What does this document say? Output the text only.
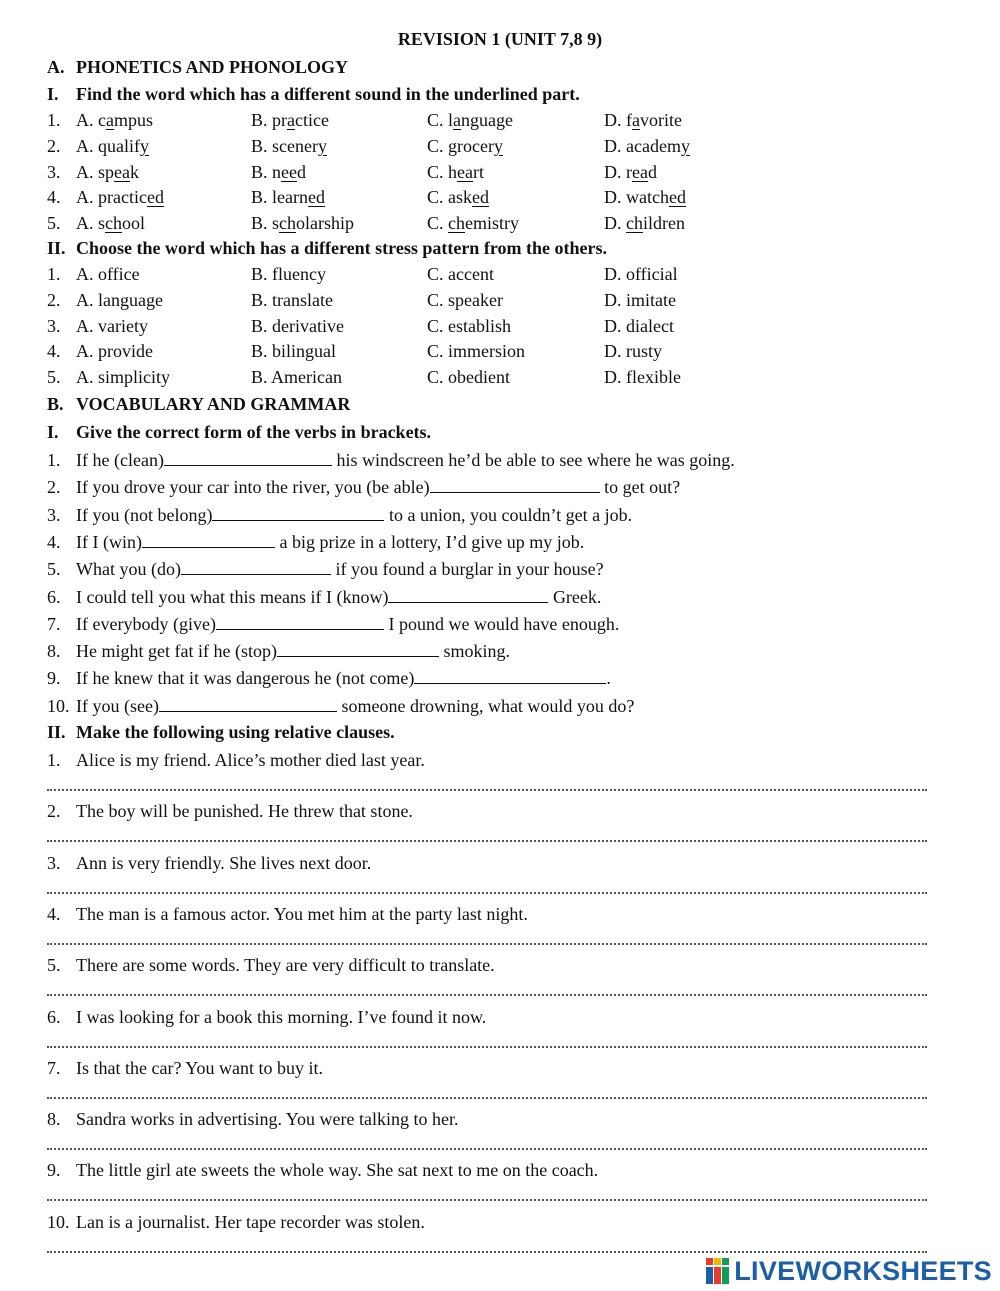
REVISION 1 (UNIT 7,8 9)
A. PHONETICS AND PHONOLOGY
I. Find the word which has a different sound in the underlined part.
1. A. campus	B. practice	C. language	D. favorite
2. A. qualify	B. scenery	C. grocery	D. academy
3. A. speak	B. need	C. heart	D. read
4. A. practiced	B. learned	C. asked	D. watched
5. A. school	B. scholarship	C. chemistry	D. children
II. Choose the word which has a different stress pattern from the others.
1. A. office	B. fluency	C. accent	D. official
2. A. language	B. translate	C. speaker	D. imitate
3. A. variety	B. derivative	C. establish	D. dialect
4. A. provide	B. bilingual	C. immersion	D. rusty
5. A. simplicity	B. American	C. obedient	D. flexible
B. VOCABULARY AND GRAMMAR
I. Give the correct form of the verbs in brackets.
1. If he (clean)	his windscreen he’d be able to see where he was going.
2. If you drove your car into the river, you (be able)	to get out?
3. If you (not belong)	to a union, you couldn’t get a job.
4. If I (win)	a big prize in a lottery, I’d give up my job.
5. What you (do)	if you found a burglar in your house?
6. I could tell you what this means if I (know)	Greek.
7. If everybody (give)	I pound we would have enough.
8. He might get fat if he (stop)	smoking.
9. If he knew that it was dangerous he (not come)	.
10. If you (see)	someone drowning, what would you do?
II. Make the following using relative clauses.
1. Alice is my friend. Alice’s mother died last year.
2. The boy will be punished. He threw that stone.
3. Ann is very friendly. She lives next door.
4. The man is a famous actor. You met him at the party last night.
5. There are some words. They are very difficult to translate.
6. I was looking for a book this morning. I’ve found it now.
7. Is that the car? You want to buy it.
8. Sandra works in advertising. You were talking to her.
9. The little girl ate sweets the whole way. She sat next to me on the coach.
10. Lan is a journalist. Her tape recorder was stolen.
LIVEWORKSHEETS
